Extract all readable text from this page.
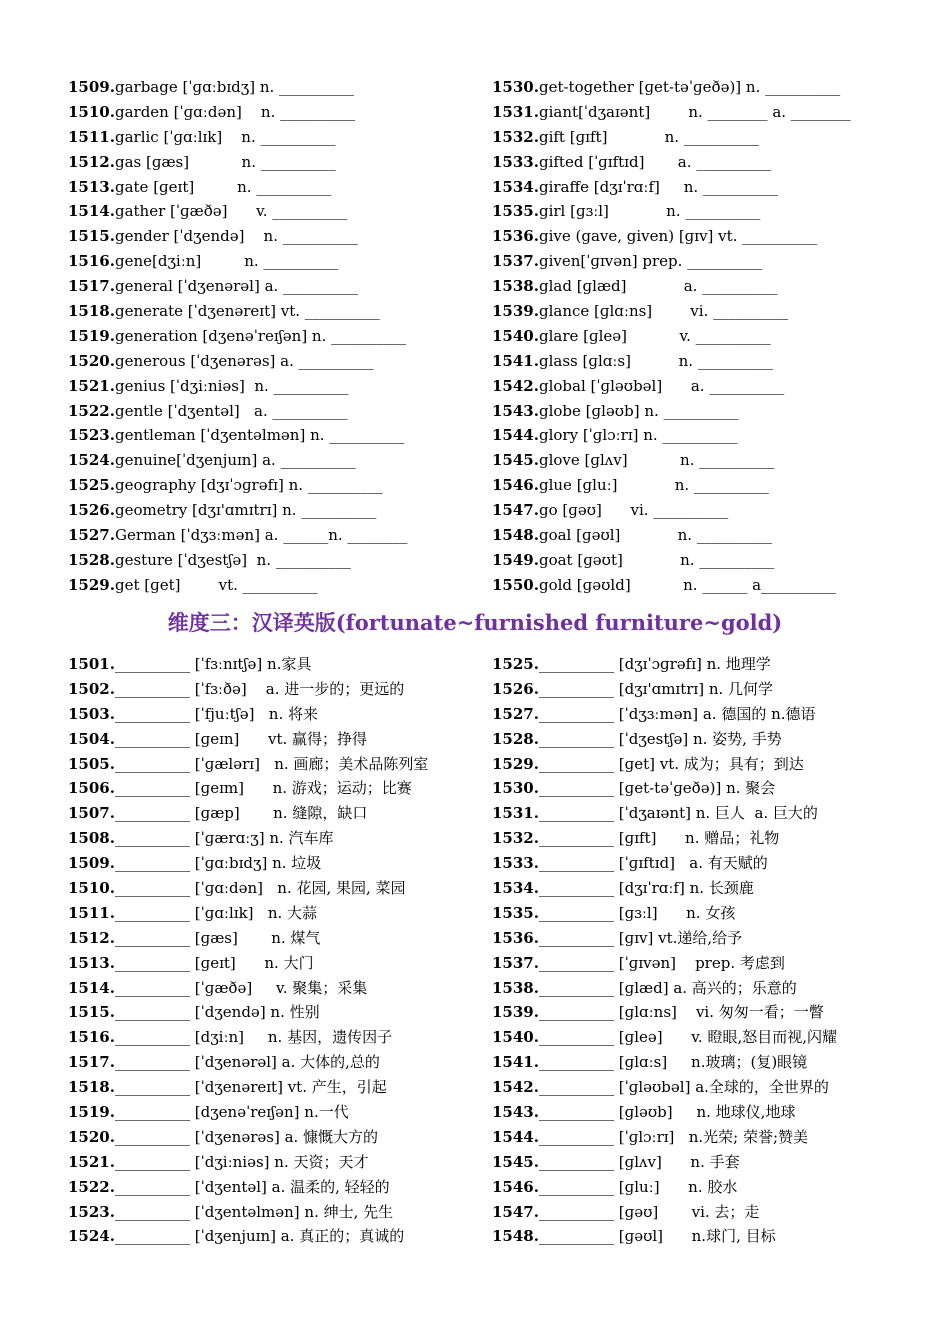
1509.garbage [ˈɡɑːbɪdʒ] n. __________
1510.garden [ˈɡɑːdən]    n. __________
1511.garlic [ˈɡɑːlɪk]    n. __________
1512.gas [ɡæs]           n. __________
1513.gate [ɡeɪt]         n. __________
1514.gather [ˈɡæðə]      v. __________
1515.gender [ˈdʒendə]    n. __________
1516.gene[dʒiːn]         n. __________
1517.general [ˈdʒenərəl] a. __________
1518.generate [ˈdʒenəreɪt] vt. __________
1519.generation [dʒenəˈreɪʃən] n. __________
1520.generous [ˈdʒenərəs] a. __________
1521.genius [ˈdʒiːniəs]  n. __________
1522.gentle [ˈdʒentəl]   a. __________
1523.gentleman [ˈdʒentəlmən] n. __________
1524.genuine[ˈdʒenjuɪn] a. __________
1525.geography [dʒɪˈɔɡrəfɪ] n. __________
1526.geometry [dʒɪ'ɑmɪtrɪ] n. __________
1527.German [ˈdʒɜːmən] a. ______n. ________
1528.gesture [ˈdʒestʃə]  n. __________
1529.get [ɡet]        vt. __________
1530.get-together [ɡet-təˈɡeðə)] n. __________
1531.giant[ˈdʒaɪənt]        n. ________ a. ________
1532.gift [ɡɪft]            n. __________
1533.gifted [ˈɡɪftɪd]       a. __________
1534.giraffe [dʒɪˈrɑːf]     n. __________
1535.girl [ɡɜːl]            n. __________
1536.give (gave, given) [ɡɪv] vt. __________
1537.given[ˈɡɪvən] prep. __________
1538.glad [ɡlæd]            a. __________
1539.glance [ɡlɑːns]        vi. __________
1540.glare [ɡleə]           v. __________
1541.glass [ɡlɑːs]          n. __________
1542.global [ˈɡləʊbəl]      a. __________
1543.globe [ɡləʊb] n. __________
1544.glory [ˈɡlɔːrɪ] n. __________
1545.glove [ɡlʌv]           n. __________
1546.glue [ɡluː]            n. __________
1547.go [ɡəʊ]      vi. __________
1548.goal [ɡəʊl]            n. __________
1549.goat [ɡəʊt]            n. __________
1550.gold [ɡəʊld]           n. ______ a__________
维度三：汉译英版(fortunate~furnished furniture~gold)
1501.__________ [ˈfɜːnɪtʃə] n.家具
1502.__________ [ˈfɜːðə]    a. 进一步的；更远的
1503.__________ [ˈfjuːtʃə]   n. 将来
1504.__________ [ɡeɪn]      vt. 赢得；挣得
1505.__________ [ˈɡælərɪ]   n. 画廊；美术品陈列室
1506.__________ [ɡeɪm]      n. 游戏；运动；比赛
1507.__________ [ɡæp]       n. 缝隙，缺口
1508.__________ [ˈɡærɑːʒ] n. 汽车库
1509.__________ [ˈɡɑːbɪdʒ] n. 垃圾
1510.__________ [ˈɡɑːdən]   n. 花园, 果园, 菜园
1511.__________ [ˈɡɑːlɪk]   n. 大蒜
1512.__________ [ɡæs]       n. 煤气
1513.__________ [ɡeɪt]      n. 大门
1514.__________ [ˈɡæðə]     v. 聚集；采集
1515.__________ [ˈdʒendə] n. 性别
1516.__________ [dʒiːn]     n. 基因，遗传因子
1517.__________ [ˈdʒenərəl] a. 大体的,总的
1518.__________ [ˈdʒenəreɪt] vt. 产生，引起
1519.__________ [dʒenəˈreɪʃən] n.一代
1520.__________ [ˈdʒenərəs] a. 慷慨大方的
1521.__________ [ˈdʒiːniəs] n. 天资；天才
1522.__________ [ˈdʒentəl] a. 温柔的, 轻轻的
1523.__________ [ˈdʒentəlmən] n. 绅士, 先生
1524.__________ [ˈdʒenjuɪn] a. 真正的；真诚的
1525.__________ [dʒɪˈɔɡrəfɪ] n. 地理学
1526.__________ [dʒɪ'ɑmɪtrɪ] n. 几何学
1527.__________ [ˈdʒɜːmən] a. 德国的 n.德语
1528.__________ [ˈdʒestʃə] n. 姿势, 手势
1529.__________ [ɡet] vt. 成为；具有；到达
1530.__________ [ɡet-təˈɡeðə)] n. 聚会
1531.__________ [ˈdʒaɪənt] n. 巨人  a. 巨大的
1532.__________ [ɡɪft]      n. 赠品；礼物
1533.__________ [ˈɡɪftɪd]   a. 有天赋的
1534.__________ [dʒɪˈrɑːf] n. 长颈鹿
1535.__________ [ɡɜːl]      n. 女孩
1536.__________ [ɡɪv] vt.递给,给予
1537.__________ [ˈɡɪvən]    prep. 考虑到
1538.__________ [ɡlæd] a. 高兴的；乐意的
1539.__________ [ɡlɑːns]    vi. 匆匆一看；一瞥
1540.__________ [ɡleə]      v. 瞪眼,怒目而视,闪耀
1541.__________ [ɡlɑːs]     n.玻璃；(复)眼镜
1542.__________ [ˈɡləʊbəl] a.全球的，全世界的
1543.__________ [ɡləʊb]     n. 地球仪,地球
1544.__________ [ˈɡlɔːrɪ]   n.光荣; 荣誉;赞美
1545.__________ [ɡlʌv]      n. 手套
1546.__________ [ɡluː]      n. 胶水
1547.__________ [ɡəʊ]       vi. 去；走
1548.__________ [ɡəʊl]      n.球门, 目标
